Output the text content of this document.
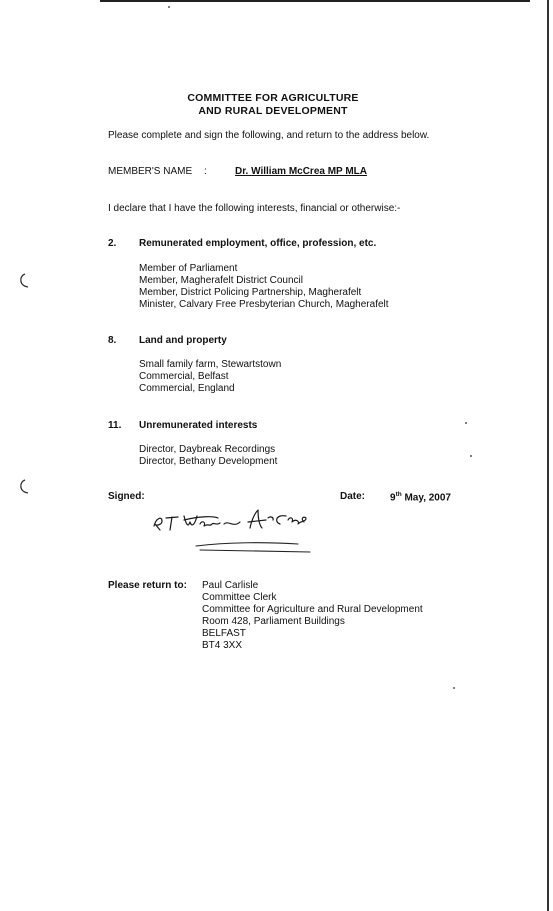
COMMITTEE FOR AGRICULTURE
AND RURAL DEVELOPMENT
Please complete and sign the following, and return to the address below.
MEMBER'S NAME :	Dr. William McCrea MP MLA
I declare that I have the following interests, financial or otherwise:-
2. Remunerated employment, office, profession, etc.
Member of Parliament
Member, Magherafelt District Council
Member, District Policing Partnership, Magherafelt
Minister, Calvary Free Presbyterian Church, Magherafelt
8. Land and property
Small family farm, Stewartstown
Commercial, Belfast
Commercial, England
11. Unremunerated interests
Director, Daybreak Recordings
Director, Bethany Development
Signed:	Date: 9th May, 2007
Please return to: Paul Carlisle
Committee Clerk
Committee for Agriculture and Rural Development
Room 428, Parliament Buildings
BELFAST
BT4 3XX
